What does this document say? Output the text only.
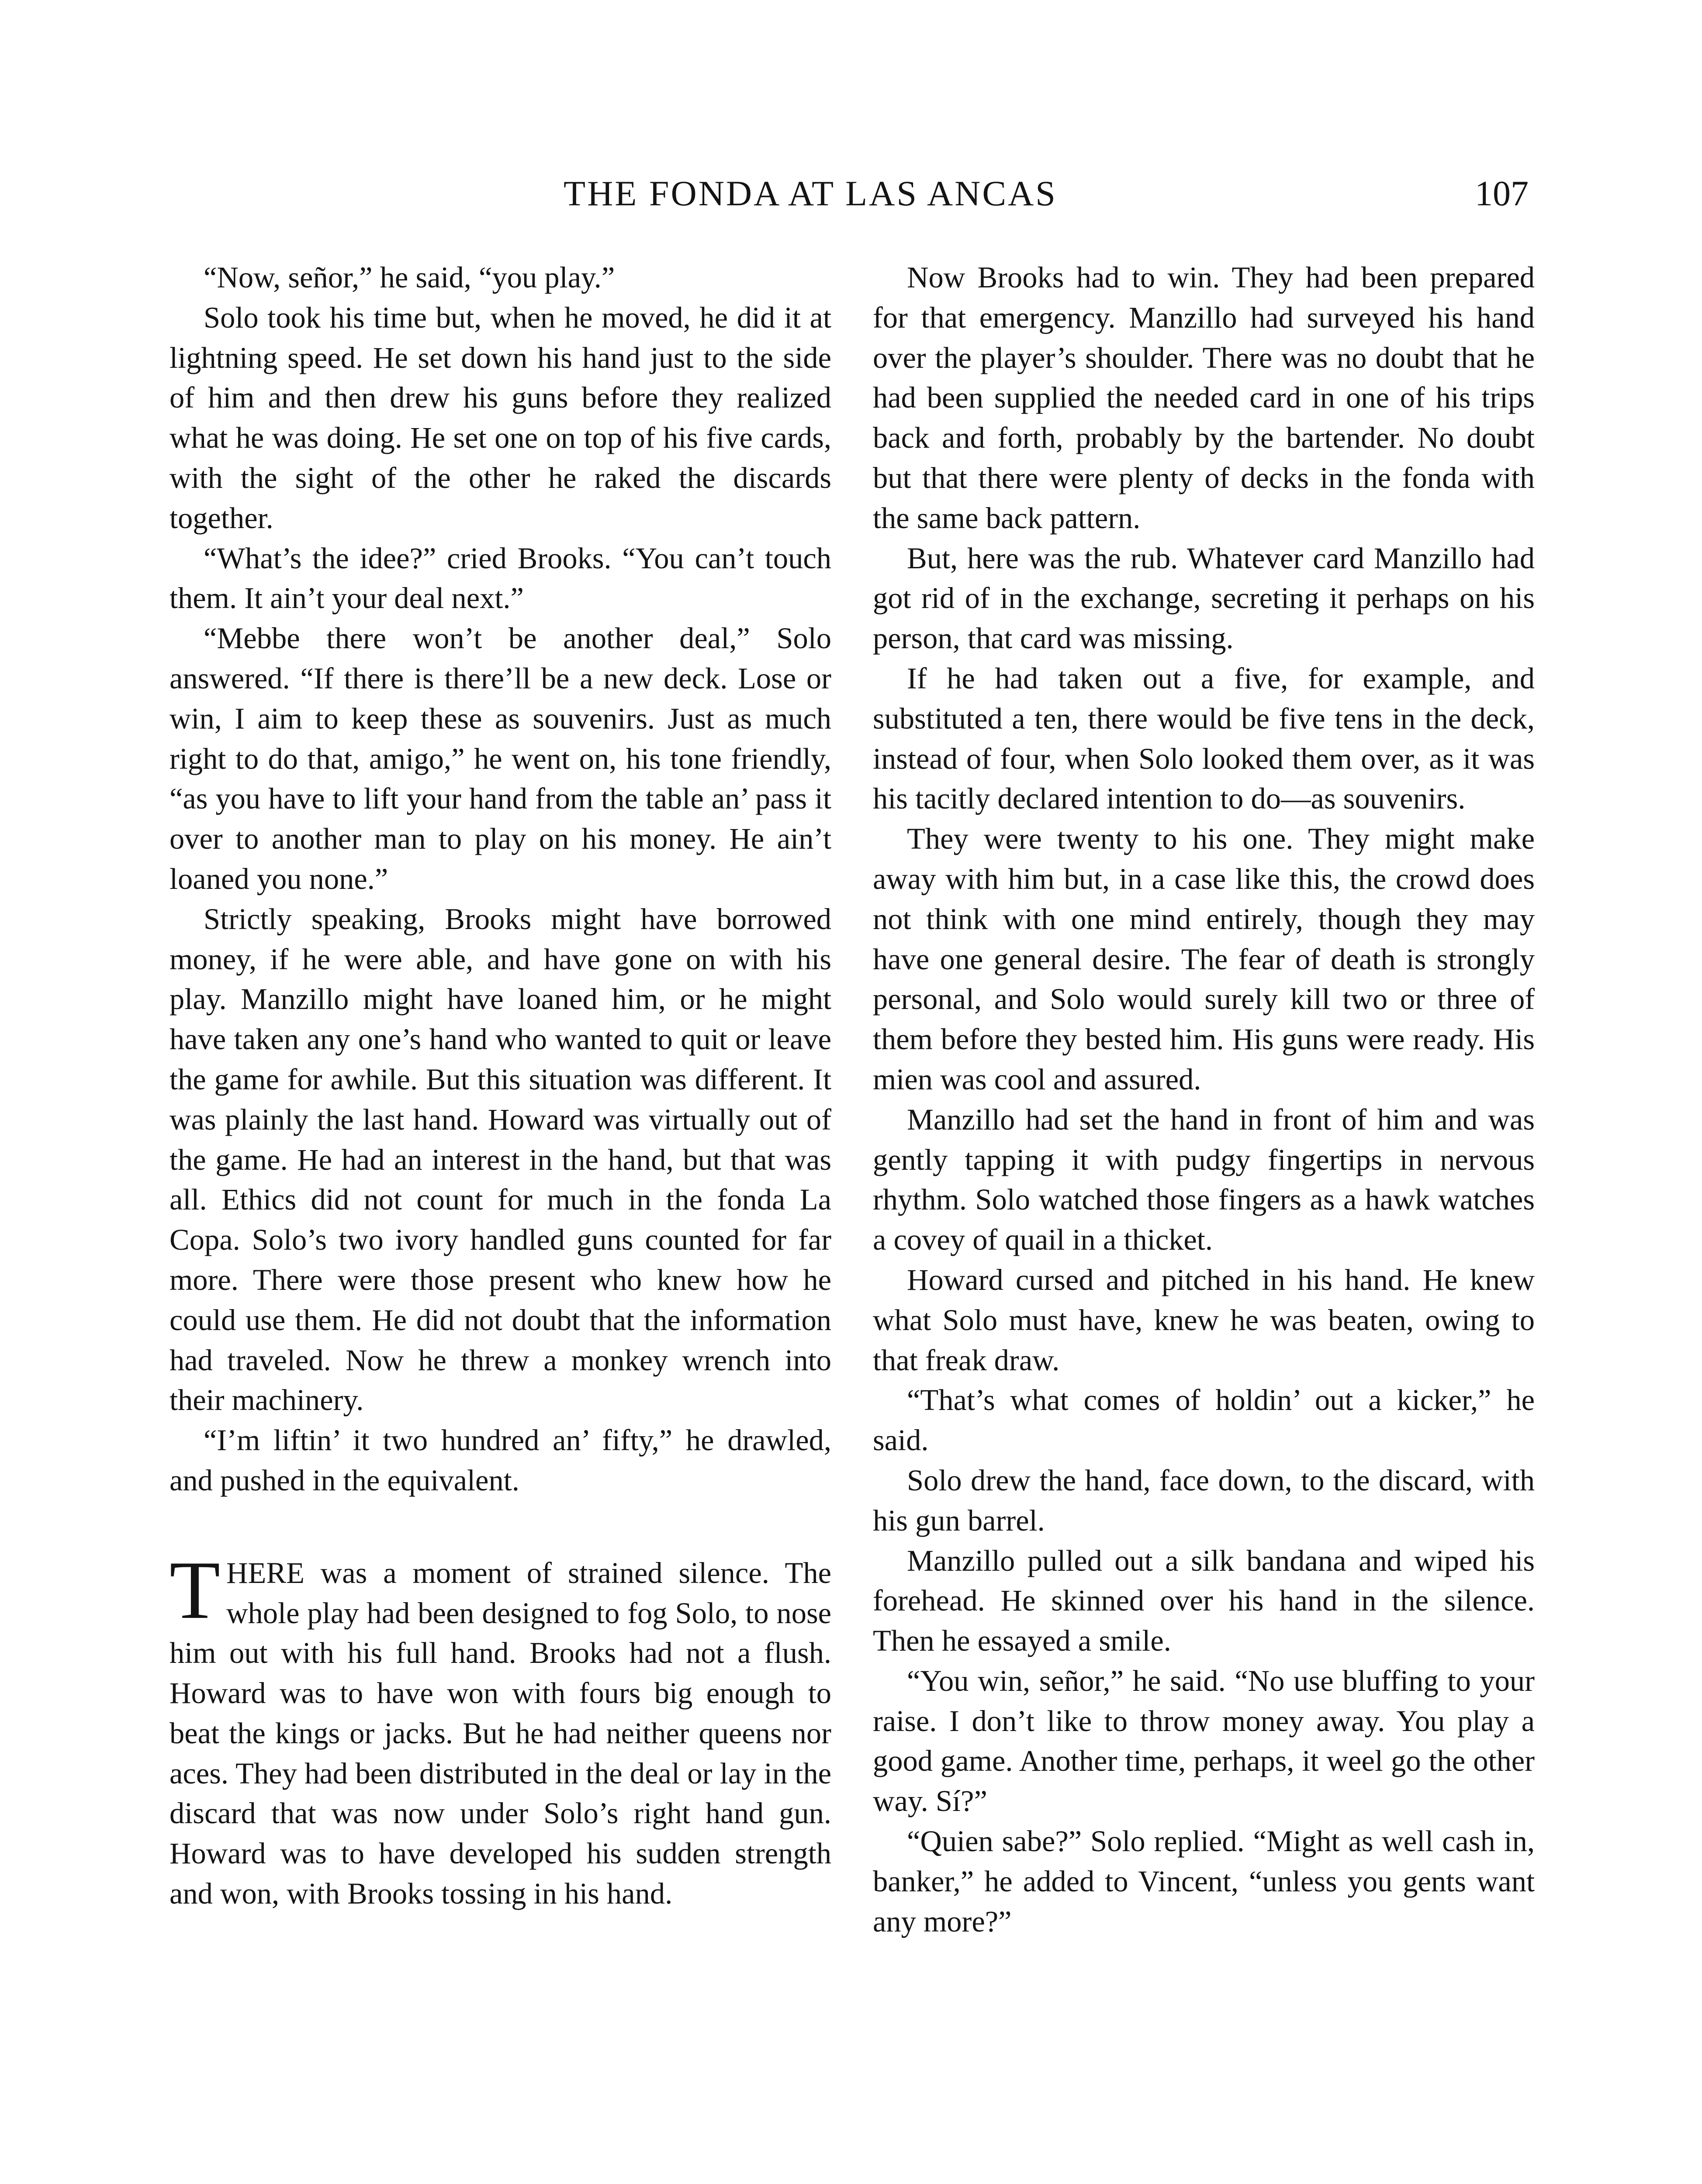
THE FONDA AT LAS ANCAS	107

“Now, señor,” he said, “you play.”

Solo took his time but, when he moved, he did it at lightning speed. He set down his hand just to the side of him and then drew his guns before they realized what he was doing. He set one on top of his five cards, with the sight of the other he raked the discards together.

“What’s the idee?” cried Brooks. “You can’t touch them. It ain’t your deal next.”

“Mebbe there won’t be another deal,” Solo answered. “If there is there’ll be a new deck. Lose or win, I aim to keep these as souvenirs. Just as much right to do that, amigo,” he went on, his tone friendly, “as you have to lift your hand from the table an’ pass it over to another man to play on his money. He ain’t loaned you none.”

Strictly speaking, Brooks might have borrowed money, if he were able, and have gone on with his play. Manzillo might have loaned him, or he might have taken any one’s hand who wanted to quit or leave the game for awhile. But this situation was different. It was plainly the last hand. Howard was virtually out of the game. He had an interest in the hand, but that was all. Ethics did not count for much in the fonda La Copa. Solo’s two ivory handled guns counted for far more. There were those present who knew how he could use them. He did not doubt that the information had traveled. Now he threw a monkey wrench into their machinery.

“I’m liftin’ it two hundred an’ fifty,” he drawled, and pushed in the equivalent.

THERE was a moment of strained silence. The whole play had been designed to fog Solo, to nose him out with his full hand. Brooks had not a flush. Howard was to have won with fours big enough to beat the kings or jacks. But he had neither queens nor aces. They had been distributed in the deal or lay in the discard that was now under Solo’s right hand gun. Howard was to have developed his sudden strength and won, with Brooks tossing in his hand.

Now Brooks had to win. They had been prepared for that emergency. Manzillo had surveyed his hand over the player’s shoulder. There was no doubt that he had been supplied the needed card in one of his trips back and forth, probably by the bartender. No doubt but that there were plenty of decks in the fonda with the same back pattern.

But, here was the rub. Whatever card Manzillo had got rid of in the exchange, secreting it perhaps on his person, that card was missing.

If he had taken out a five, for example, and substituted a ten, there would be five tens in the deck, instead of four, when Solo looked them over, as it was his tacitly declared intention to do—as souvenirs.

They were twenty to his one. They might make away with him but, in a case like this, the crowd does not think with one mind entirely, though they may have one general desire. The fear of death is strongly personal, and Solo would surely kill two or three of them before they bested him. His guns were ready. His mien was cool and assured.

Manzillo had set the hand in front of him and was gently tapping it with pudgy fingertips in nervous rhythm. Solo watched those fingers as a hawk watches a covey of quail in a thicket.

Howard cursed and pitched in his hand. He knew what Solo must have, knew he was beaten, owing to that freak draw.

“That’s what comes of holdin’ out a kicker,” he said.

Solo drew the hand, face down, to the discard, with his gun barrel.

Manzillo pulled out a silk bandana and wiped his forehead. He skinned over his hand in the silence. Then he essayed a smile.

“You win, señor,” he said. “No use bluffing to your raise. I don’t like to throw money away. You play a good game. Another time, perhaps, it weel go the other way. Sí?”

“Quien sabe?” Solo replied. “Might as well cash in, banker,” he added to Vincent, “unless you gents want any more?”
